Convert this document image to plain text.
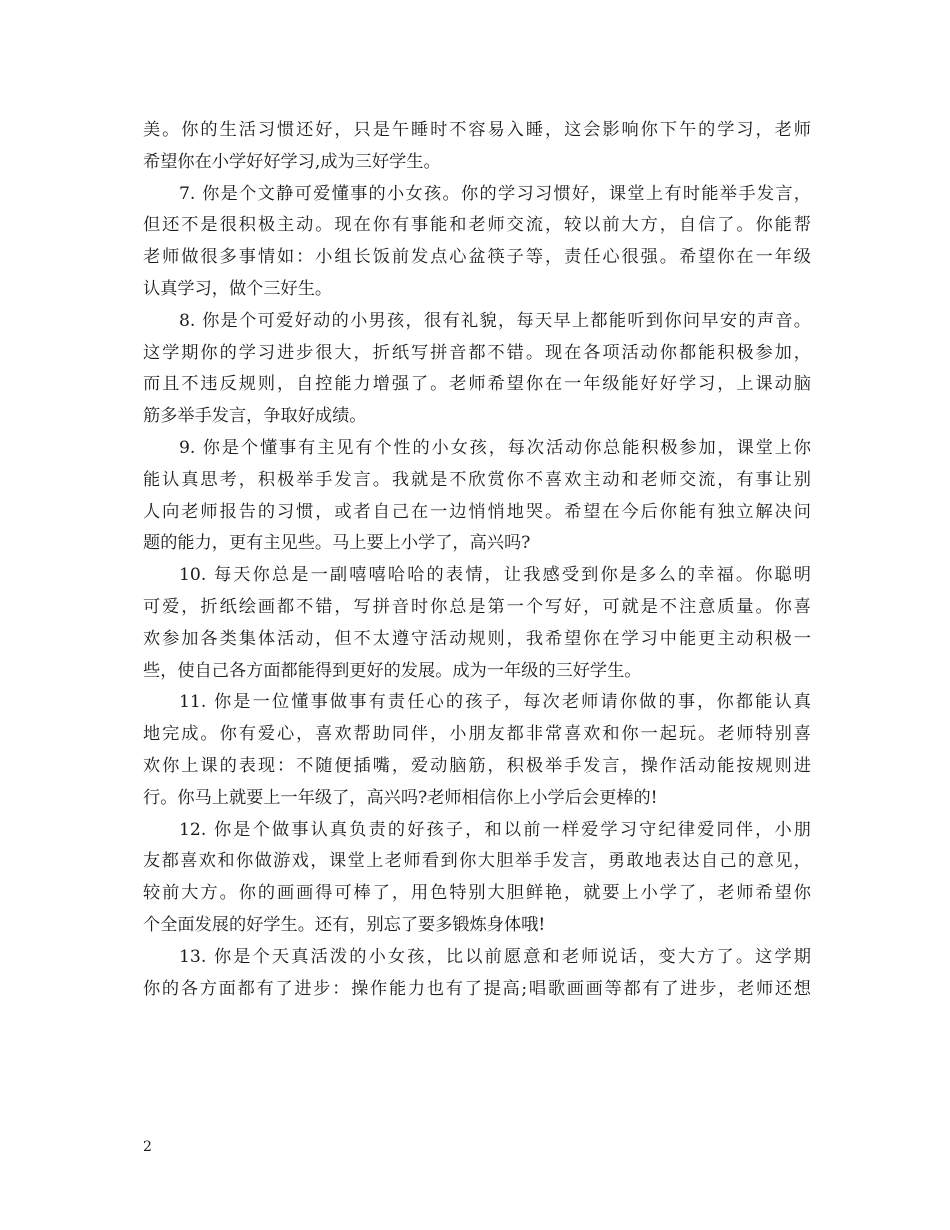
美。你的生活习惯还好，只是午睡时不容易入睡，这会影响你下午的学习，老师
希望你在小学好好学习,成为三好学生。
7. 你是个文静可爱懂事的小女孩。你的学习习惯好，课堂上有时能举手发言，
但还不是很积极主动。现在你有事能和老师交流，较以前大方，自信了。你能帮
老师做很多事情如：小组长饭前发点心盆筷子等，责任心很强。希望你在一年级
认真学习，做个三好生。
8. 你是个可爱好动的小男孩，很有礼貌，每天早上都能听到你问早安的声音。
这学期你的学习进步很大，折纸写拼音都不错。现在各项活动你都能积极参加，
而且不违反规则，自控能力增强了。老师希望你在一年级能好好学习，上课动脑
筋多举手发言，争取好成绩。
9. 你是个懂事有主见有个性的小女孩，每次活动你总能积极参加，课堂上你
能认真思考，积极举手发言。我就是不欣赏你不喜欢主动和老师交流，有事让别
人向老师报告的习惯，或者自己在一边悄悄地哭。希望在今后你能有独立解决问
题的能力，更有主见些。马上要上小学了，高兴吗?
10. 每天你总是一副嘻嘻哈哈的表情，让我感受到你是多么的幸福。你聪明
可爱，折纸绘画都不错，写拼音时你总是第一个写好，可就是不注意质量。你喜
欢参加各类集体活动，但不太遵守活动规则，我希望你在学习中能更主动积极一
些，使自己各方面都能得到更好的发展。成为一年级的三好学生。
11. 你是一位懂事做事有责任心的孩子，每次老师请你做的事，你都能认真
地完成。你有爱心，喜欢帮助同伴，小朋友都非常喜欢和你一起玩。老师特别喜
欢你上课的表现：不随便插嘴，爱动脑筋，积极举手发言，操作活动能按规则进
行。你马上就要上一年级了，高兴吗?老师相信你上小学后会更棒的!
12. 你是个做事认真负责的好孩子，和以前一样爱学习守纪律爱同伴，小朋
友都喜欢和你做游戏，课堂上老师看到你大胆举手发言，勇敢地表达自己的意见，
较前大方。你的画画得可棒了，用色特别大胆鲜艳，就要上小学了，老师希望你
个全面发展的好学生。还有，别忘了要多锻炼身体哦!
13. 你是个天真活泼的小女孩，比以前愿意和老师说话，变大方了。这学期
你的各方面都有了进步：操作能力也有了提高;唱歌画画等都有了进步，老师还想
2
